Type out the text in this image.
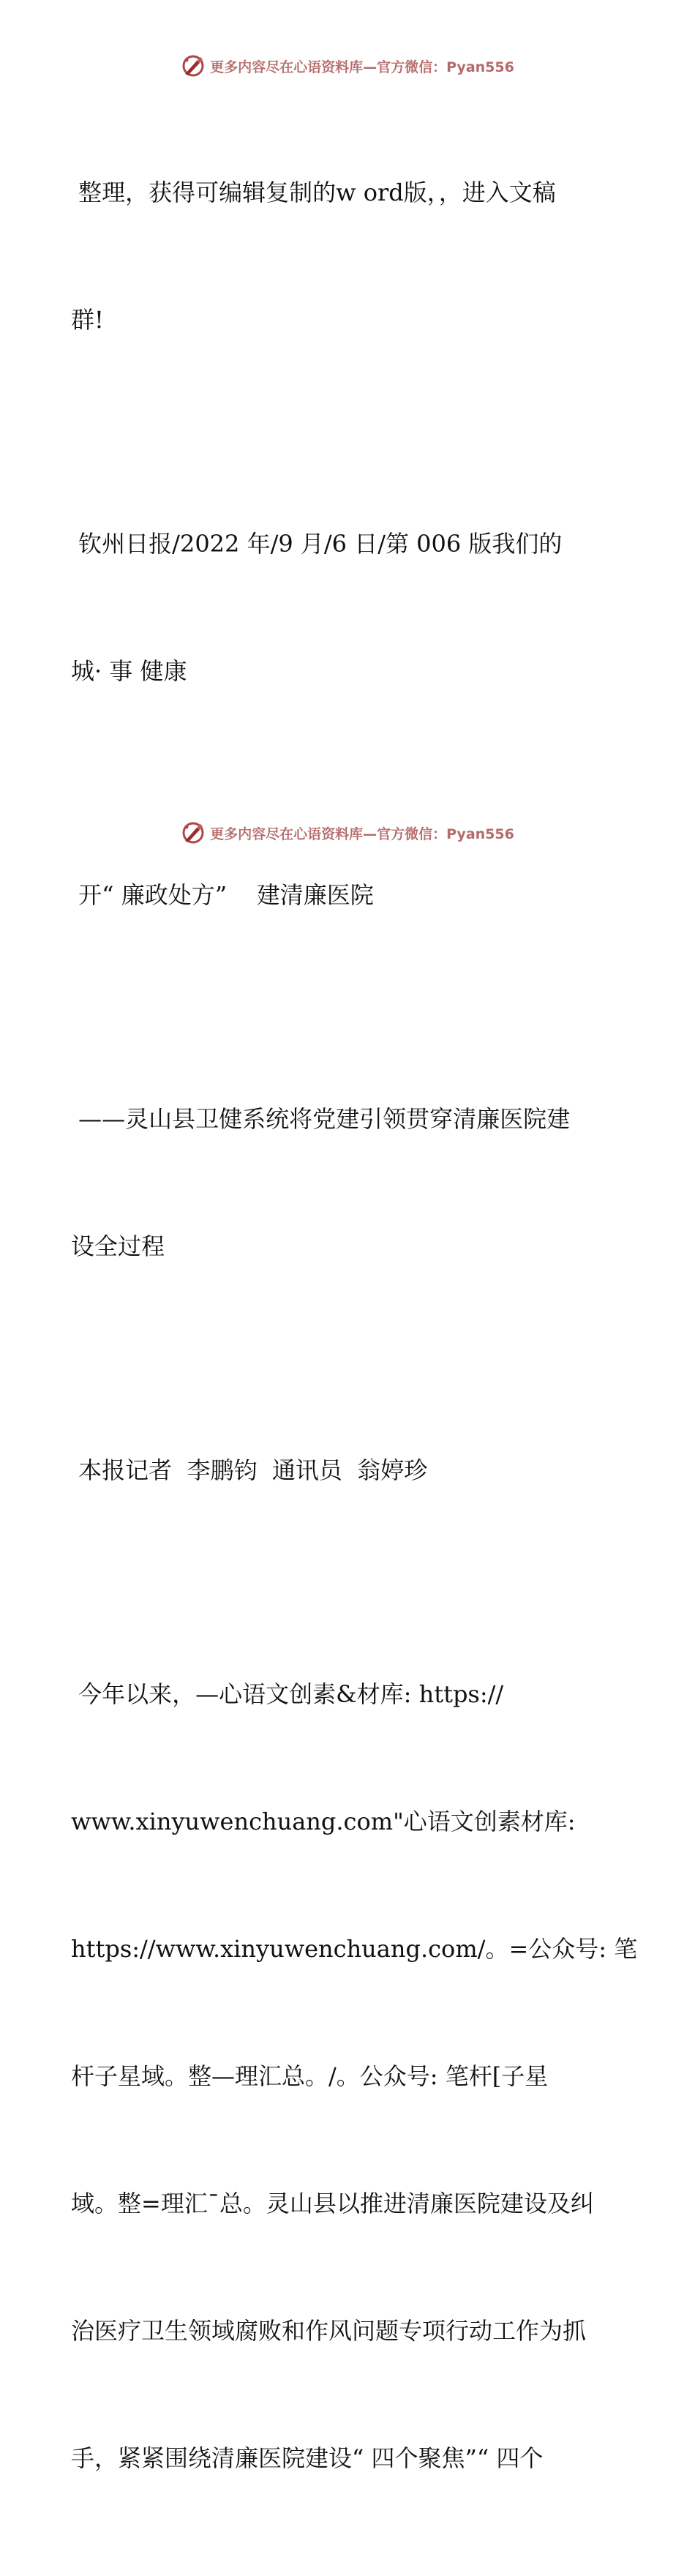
更多内容尽在心语资料库—官方微信：Pyan556

整理，获得可编辑复制的w ord版，，进入文稿

群!

钦州日报/2022 年/9 月/6 日/第 006 版我们的

城· 事 健康

开“ 廉政处方”    建清廉医院

——灵山县卫健系统将党建引领贯穿清廉医院建

设全过程

本报记者  李鹏钧  通讯员  翁婷珍

今年以来，—心语文创素&材库: https://

www.xinyuwenchuang.com"心语文创素材库:

https://www.xinyuwenchuang.com/。=公众号: 笔

杆子星域。整—理汇总。/。公众号: 笔杆[子星

域。整=理汇¯总。灵山县以推进清廉医院建设及纠

治医疗卫生领域腐败和作风问题专项行动工作为抓

手，紧紧围绕清廉医院建设“ 四个聚焦”“ 四个

更多内容尽在心语资料库—官方微信：Pyan556
